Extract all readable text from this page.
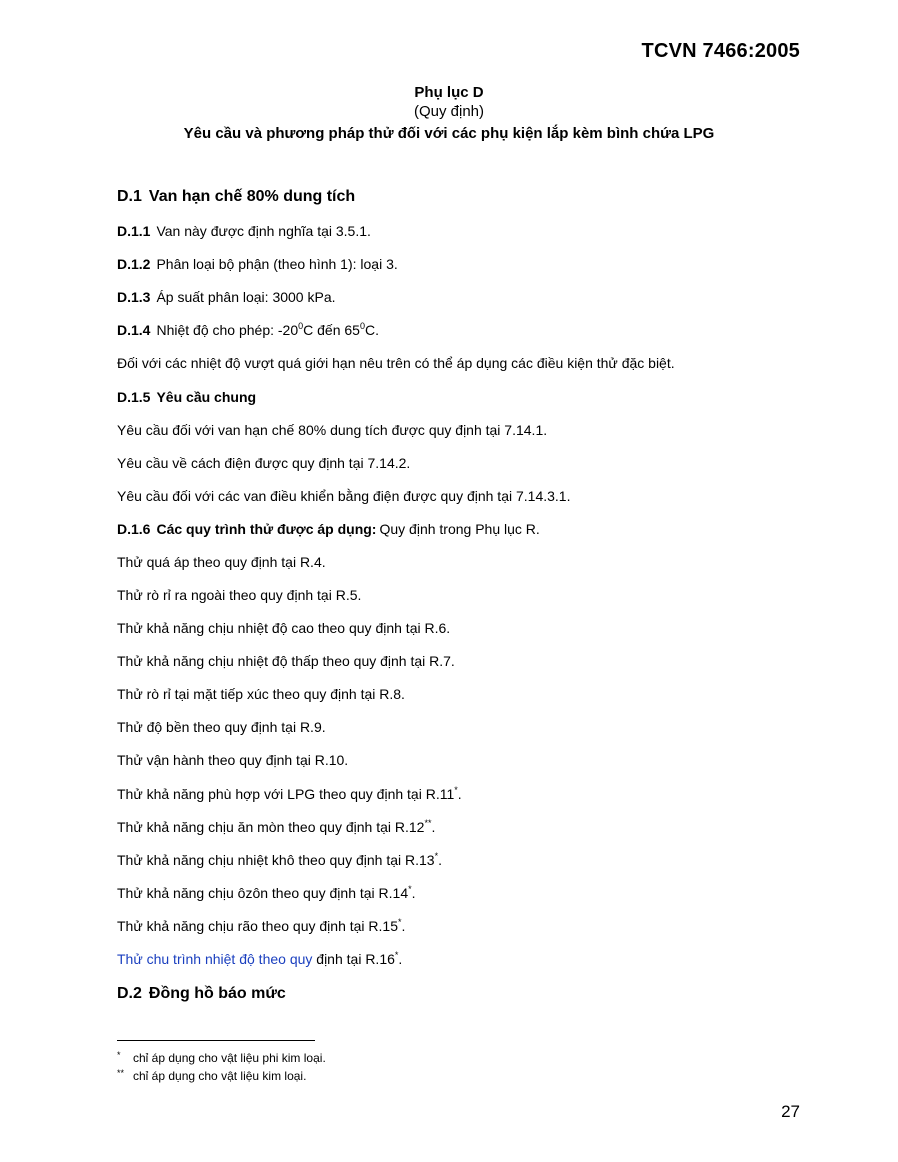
TCVN 7466:2005
Phụ lục D
(Quy định)
Yêu cầu và phương pháp thử đối với các phụ kiện lắp kèm bình chứa LPG
D.1 Van hạn chế 80% dung tích
D.1.1 Van này được định nghĩa tại 3.5.1.
D.1.2 Phân loại bộ phận (theo hình 1): loại 3.
D.1.3 Áp suất phân loại: 3000 kPa.
D.1.4 Nhiệt độ cho phép: $-20^0C$ đến $65^0C$.
Đối với các nhiệt độ vượt quá giới hạn nêu trên có thể áp dụng các điều kiện thử đặc biệt.
D.1.5 Yêu cầu chung
Yêu cầu đối với van hạn chế 80% dung tích được quy định tại 7.14.1.
Yêu cầu về cách điện được quy định tại 7.14.2.
Yêu cầu đối với các van điều khiển bằng điện được quy định tại 7.14.3.1.
D.1.6 Các quy trình thử được áp dụng: Quy định trong Phụ lục R.
Thử quá áp theo quy định tại R.4.
Thử rò rỉ ra ngoài theo quy định tại R.5.
Thử khả năng chịu nhiệt độ cao theo quy định tại R.6.
Thử khả năng chịu nhiệt độ thấp theo quy định tại R.7.
Thử rò rỉ tại mặt tiếp xúc theo quy định tại R.8.
Thử độ bền theo quy định tại R.9.
Thử vận hành theo quy định tại R.10.
Thử khả năng phù hợp với LPG theo quy định tại R.11*.
Thử khả năng chịu ăn mòn theo quy định tại R.12**.
Thử khả năng chịu nhiệt khô theo quy định tại R.13*.
Thử khả năng chịu ôzôn theo quy định tại R.14*.
Thử khả năng chịu rão theo quy định tại R.15*.
Thử chu trình nhiệt độ theo quy định tại R.16*.
D.2 Đồng hồ báo mức
* chỉ áp dụng cho vật liệu phi kim loại.
** chỉ áp dụng cho vật liệu kim loại.
27
